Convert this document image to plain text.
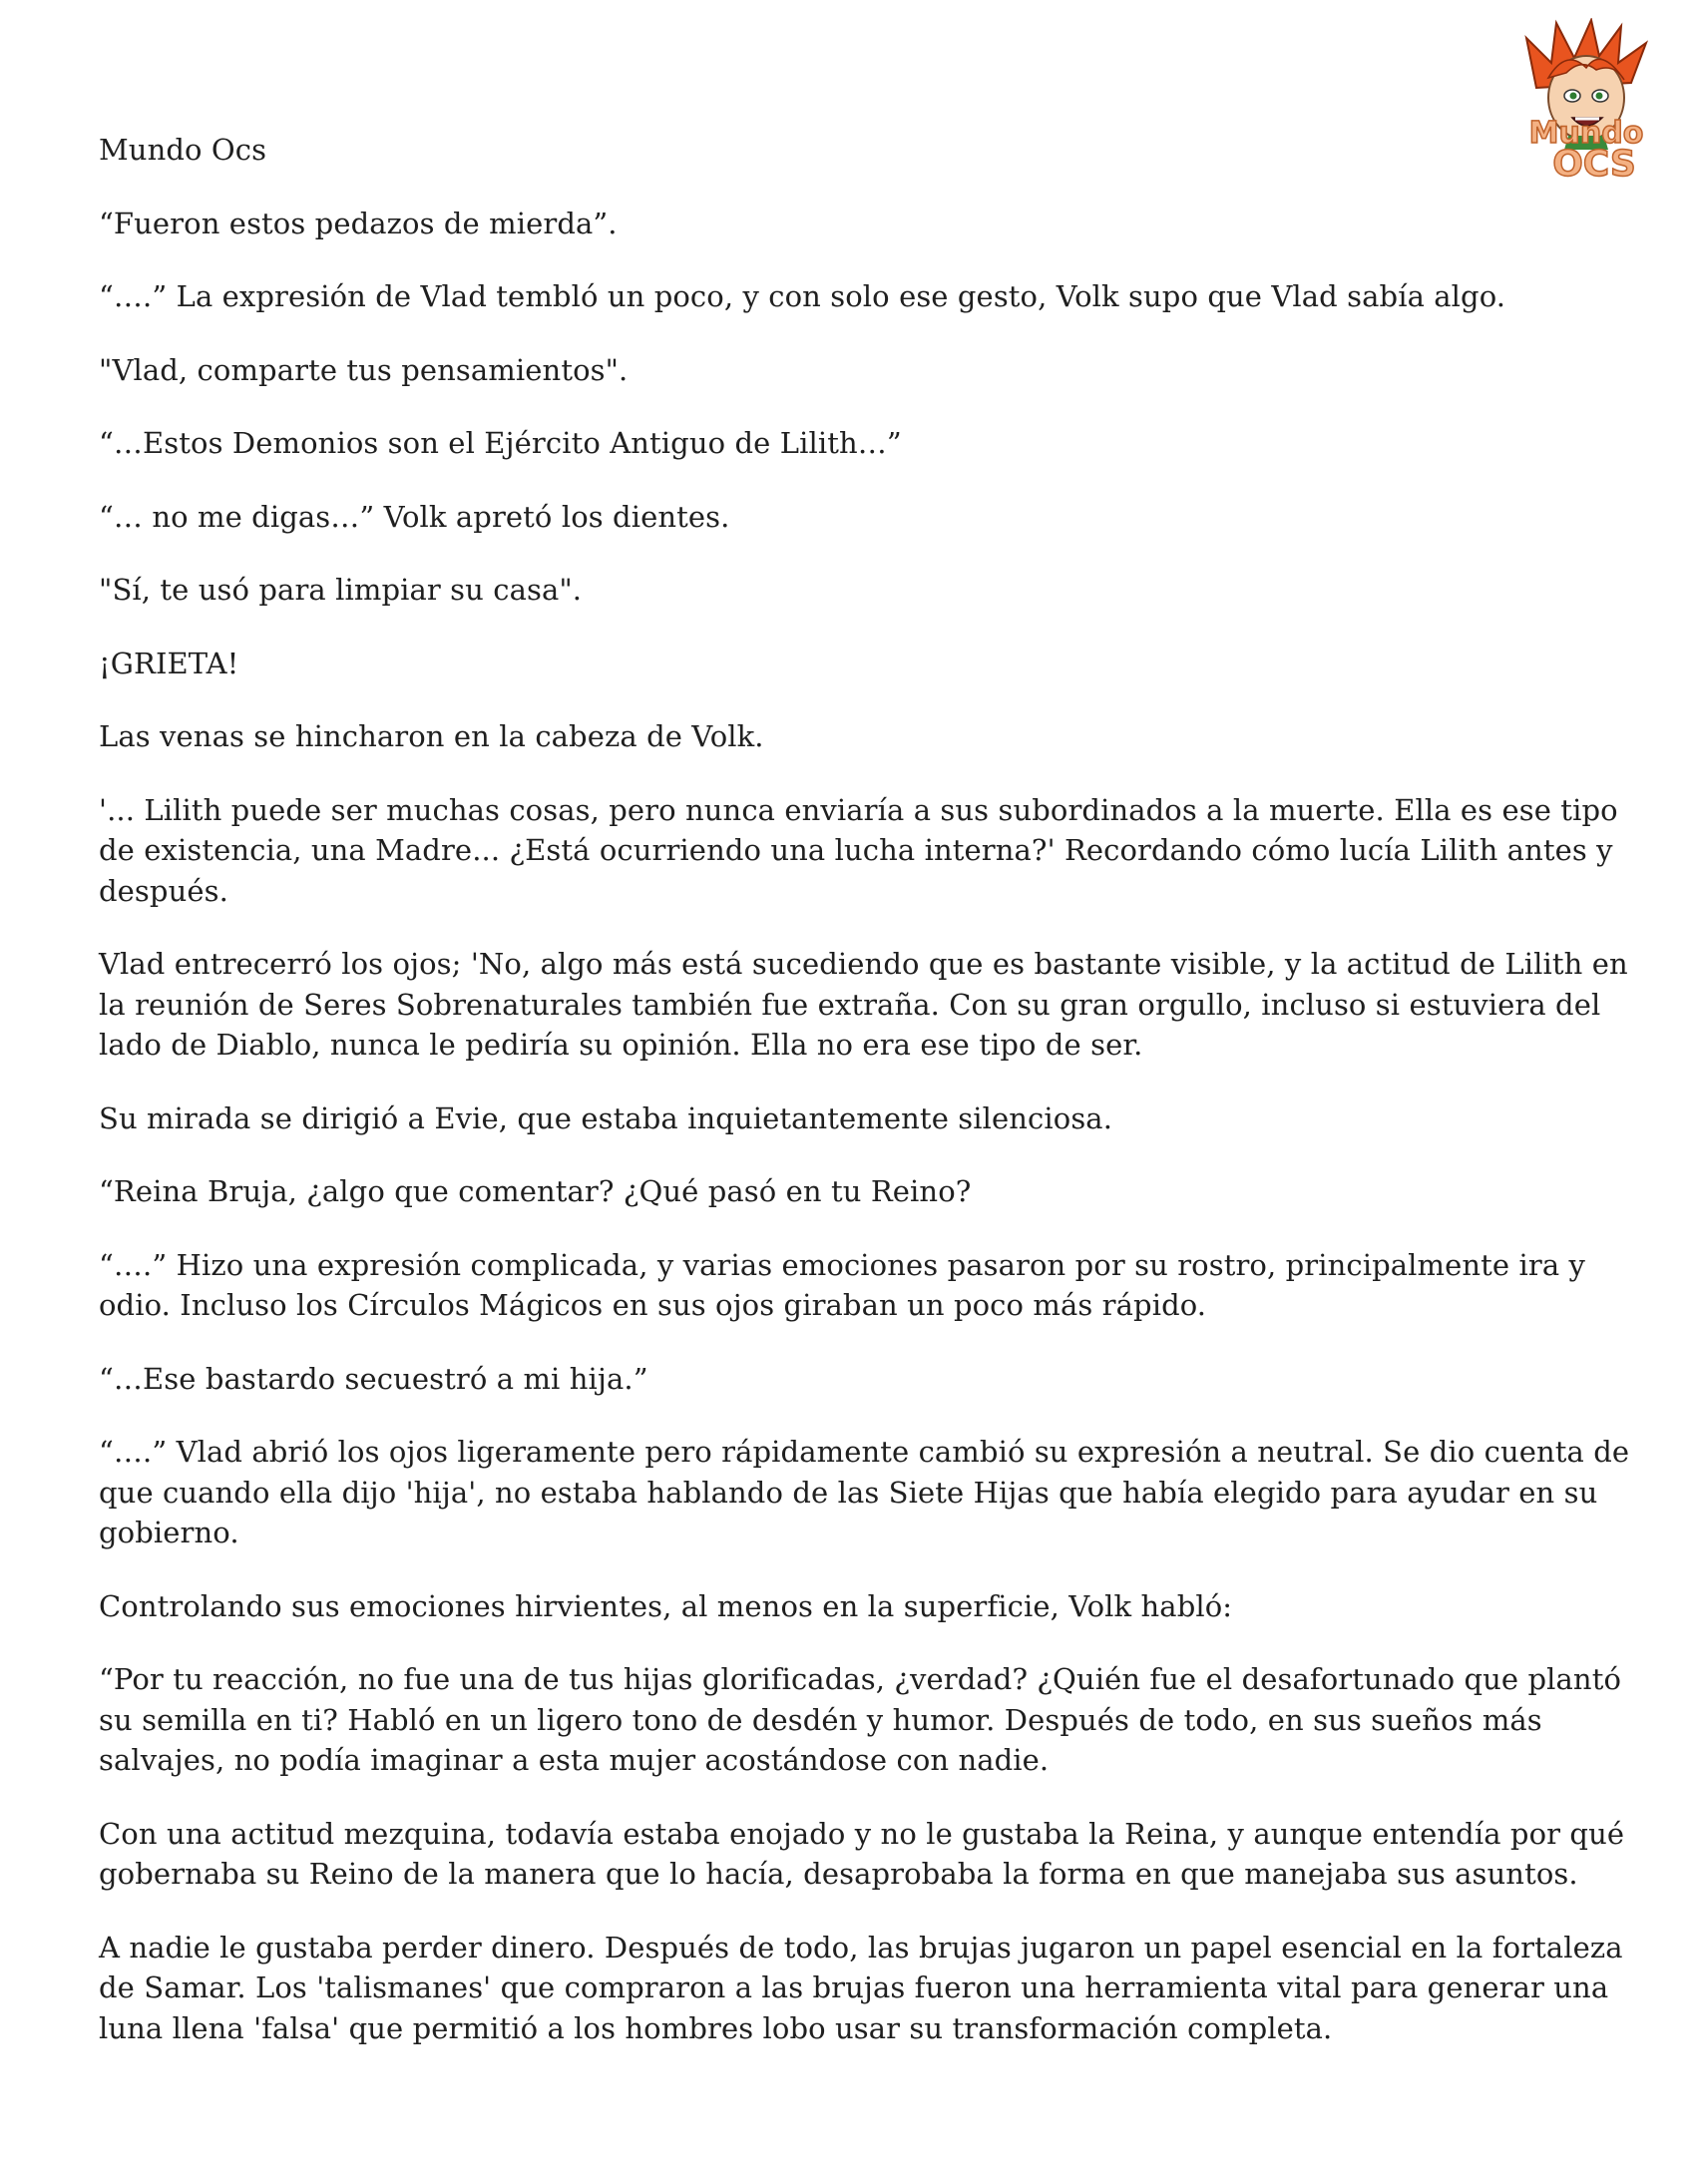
Mundo
OCS

Mundo Ocs

“Fueron estos pedazos de mierda”.

“….” La expresión de Vlad tembló un poco, y con solo ese gesto, Volk supo que Vlad sabía algo.

"Vlad, comparte tus pensamientos".

“…Estos Demonios son el Ejército Antiguo de Lilith…”

“… no me digas…” Volk apretó los dientes.

"Sí, te usó para limpiar su casa".

¡GRIETA!

Las venas se hincharon en la cabeza de Volk.

'... Lilith puede ser muchas cosas, pero nunca enviaría a sus subordinados a la muerte. Ella es ese tipo de existencia, una Madre... ¿Está ocurriendo una lucha interna?' Recordando cómo lucía Lilith antes y después.

Vlad entrecerró los ojos; 'No, algo más está sucediendo que es bastante visible, y la actitud de Lilith en la reunión de Seres Sobrenaturales también fue extraña. Con su gran orgullo, incluso si estuviera del lado de Diablo, nunca le pediría su opinión. Ella no era ese tipo de ser.

Su mirada se dirigió a Evie, que estaba inquietantemente silenciosa.

“Reina Bruja, ¿algo que comentar? ¿Qué pasó en tu Reino?

“….” Hizo una expresión complicada, y varias emociones pasaron por su rostro, principalmente ira y odio. Incluso los Círculos Mágicos en sus ojos giraban un poco más rápido.

“…Ese bastardo secuestró a mi hija.”

“….” Vlad abrió los ojos ligeramente pero rápidamente cambió su expresión a neutral. Se dio cuenta de que cuando ella dijo 'hija', no estaba hablando de las Siete Hijas que había elegido para ayudar en su gobierno.

Controlando sus emociones hirvientes, al menos en la superficie, Volk habló:

“Por tu reacción, no fue una de tus hijas glorificadas, ¿verdad? ¿Quién fue el desafortunado que plantó su semilla en ti? Habló en un ligero tono de desdén y humor. Después de todo, en sus sueños más salvajes, no podía imaginar a esta mujer acostándose con nadie.

Con una actitud mezquina, todavía estaba enojado y no le gustaba la Reina, y aunque entendía por qué gobernaba su Reino de la manera que lo hacía, desaprobaba la forma en que manejaba sus asuntos.

A nadie le gustaba perder dinero. Después de todo, las brujas jugaron un papel esencial en la fortaleza de Samar. Los 'talismanes' que compraron a las brujas fueron una herramienta vital para generar una luna llena 'falsa' que permitió a los hombres lobo usar su transformación completa.
